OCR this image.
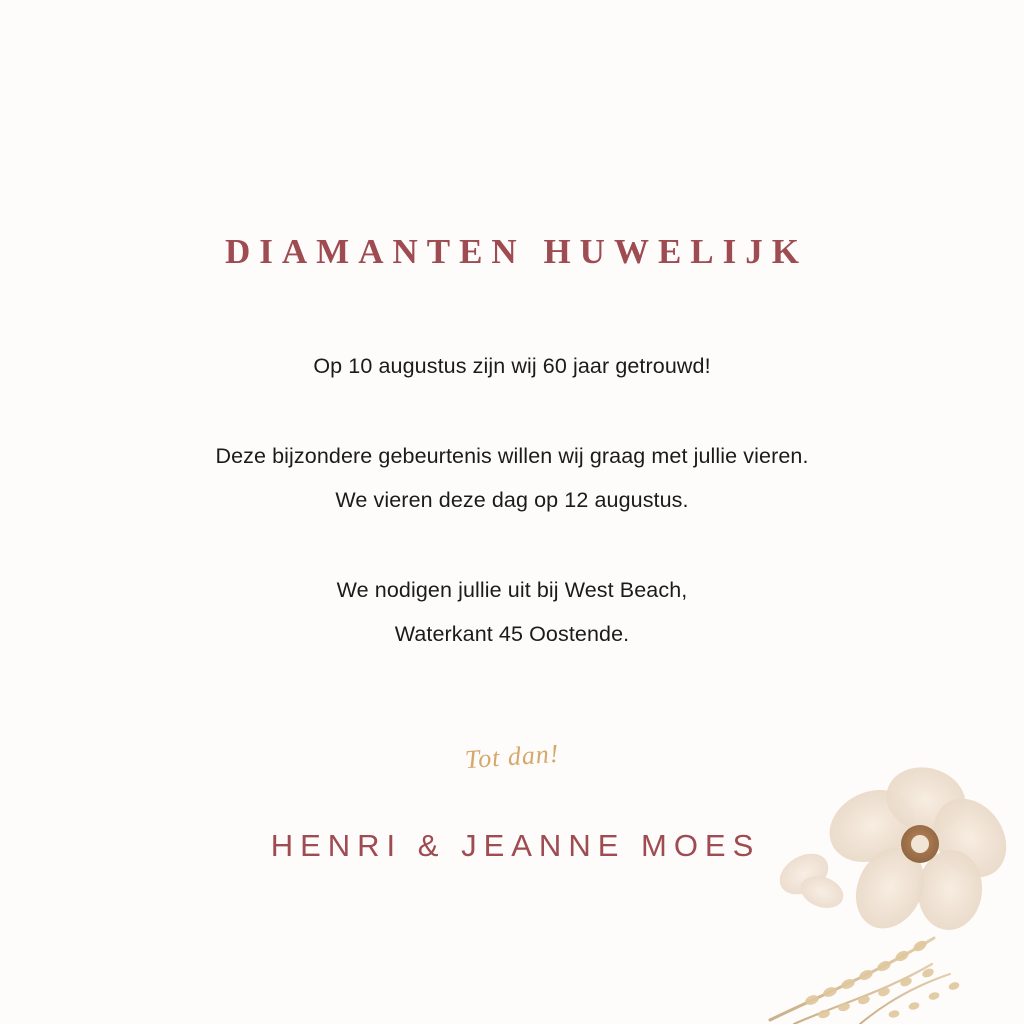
DIAMANTEN HUWELIJK

Op 10 augustus zijn wij 60 jaar getrouwd!

Deze bijzondere gebeurtenis willen wij graag met jullie vieren.

We vieren deze dag op 12 augustus.

We nodigen jullie uit bij West Beach,

Waterkant 45 Oostende.

Tot dan!
HENRI & JEANNE MOES
